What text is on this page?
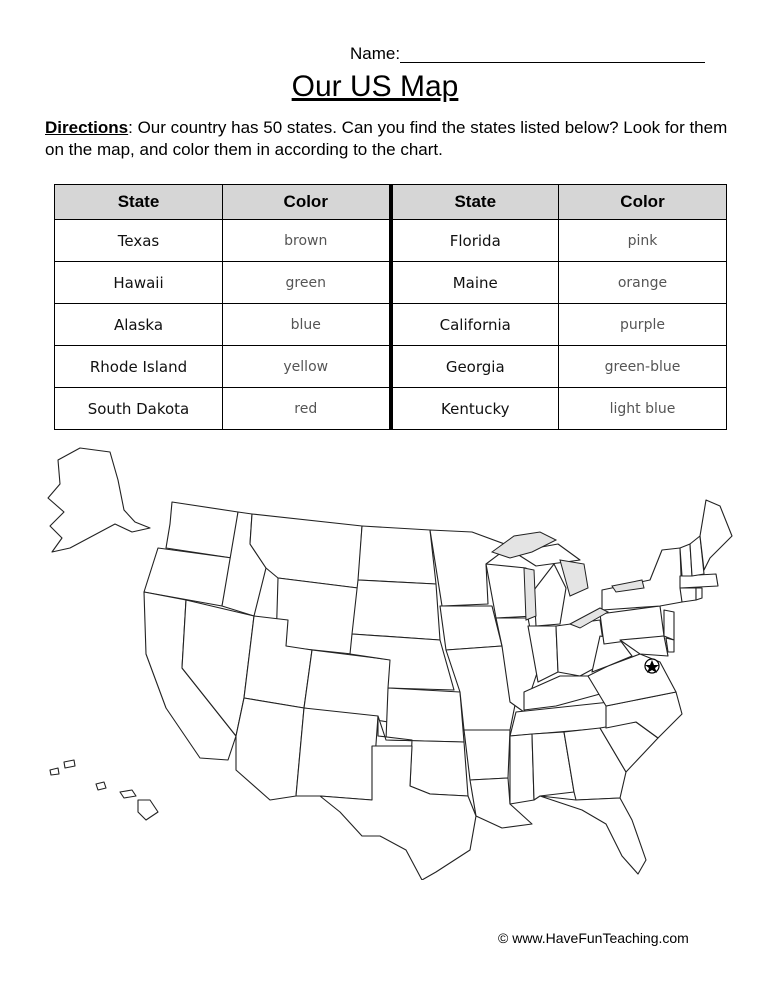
Name:
Our US Map
Directions: Our country has 50 states. Can you find the states listed below? Look for them on the map, and color them in according to the chart.
State	Color	State	Color
Texas	brown	Florida	pink
Hawaii	green	Maine	orange
Alaska	blue	California	purple
Rhode Island	yellow	Georgia	green-blue
South Dakota	red	Kentucky	light blue
© www.HaveFunTeaching.com
